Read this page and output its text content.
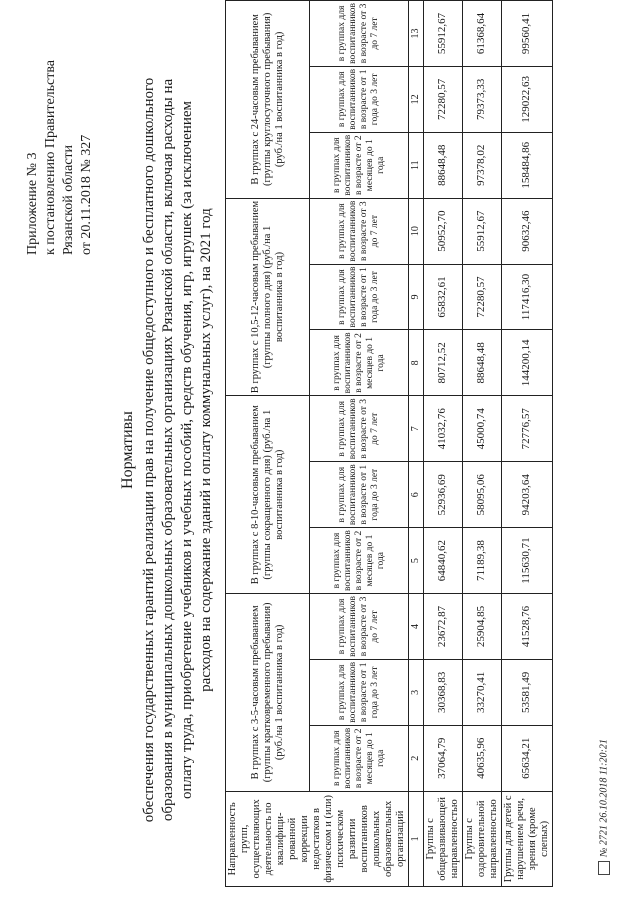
Приложение № 3 к постановлению Правительства Рязанской области от 20.11.2018 № 327
Нормативы обеспечения государственных гарантий реализации прав на получение общедоступного и бесплатного дошкольного образования в муниципальных дошкольных образовательных организациях Рязанской области, включая расходы на оплату труда, приобретение учебников и учебных пособий, средств обучения, игр, игрушек (за исключением расходов на содержание зданий и оплату коммунальных услуг), на 2021 год
Направленность групп, осуществляющих деятельность по квалифици-рованной коррекции недостатков в физическом и (или) психическом развитии воспитанников дошкольных образовательных организаций	В группах с 3-5-часовым пребыванием (группы кратковременного пребывания) (руб./на 1 воспитанника в год)			В группах с 8-10-часовым пребыванием (группы сокращенного дня) (руб./на 1 воспитанника в год)			В группах с 10,5-12-часовым пребыванием (группы полного дня) (руб./на 1 воспитанника в год)			В группах с 24-часовым пребыванием (группы круглосуточного пребывания) (руб./на 1 воспитанника в год)		
	в группах для воспитанников в возрасте от 2 месяцев до 1 года	в группах для воспитанников в возрасте от 1 года до 3 лет	в группах для воспитанников в возрасте от 3 до 7 лет	в группах для воспитанников в возрасте от 2 месяцев до 1 года	в группах для воспитанников в возрасте от 1 года до 3 лет	в группах для воспитанников в возрасте от 3 до 7 лет	в группах для воспитанников в возрасте от 2 месяцев до 1 года	в группах для воспитанников в возрасте от 1 года до 3 лет	в группах для воспитанников в возрасте от 3 до 7 лет	в группах для воспитанников в возрасте от 2 месяцев до 1 года	в группах для воспитанников в возрасте от 1 года до 3 лет	в группах для воспитанников в возрасте от 3 до 7 лет
1	2	3	4	5	6	7	8	9	10	11	12	13
Группы с общеразвивающей направленностью	37064,79	30368,83	23672,87	64840,62	52936,69	41032,76	80712,52	65832,61	50952,70	88648,48	72280,57	55912,67
Группы с оздоровительной направленностью	40635,96	33270,41	25904,85	71189,38	58095,06	45000,74	88648,48	72280,57	55912,67	97378,02	79373,33	61368,64
Группы для детей с нарушением речи, зрения (кроме слепых)	65634,21	53581,49	41528,76	115630,71	94203,64	72776,57	144200,14	117416,30	90632,46	158484,86	129022,63	99560,41
№ 2721 26.10.2018 11:20:21
